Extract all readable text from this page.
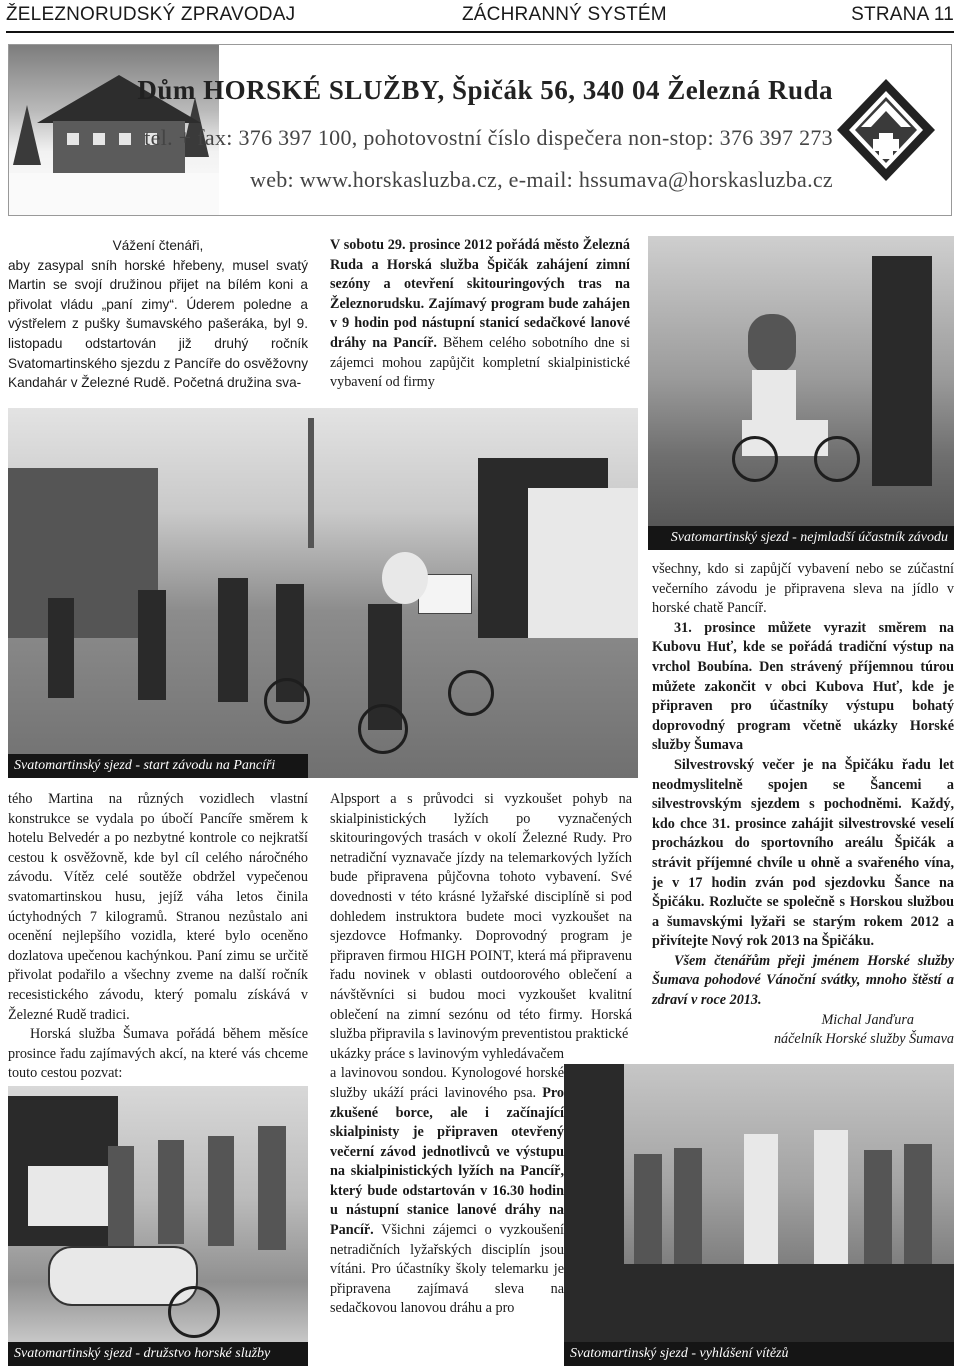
ŽELEZNORUDSKÝ ZPRAVODAJ	ZÁCHRANNÝ SYSTÉM	STRANA 11
Dům HORSKÉ SLUŽBY, Špičák 56, 340 04 Železná Ruda
tel. + fax: 376 397 100, pohotovostní číslo dispečera non-stop: 376 397 273
web: www.horskasluzba.cz, e-mail: hssumava@horskasluzba.cz

Vážení čtenáři,

aby zasypal sníh horské hřebeny, musel svatý Martin se svojí družinou přijet na bílém koni a přivolat vládu „paní zimy“. Úderem poledne a výstřelem z pušky šumavského pašeráka, byl 9. listopadu odstartován již druhý ročník Svatomartinského sjezdu z Pancíře do osvěžovny Kandahár v Železné Rudě. Početná družina sva-

V sobotu 29. prosince 2012 pořádá město Železná Ruda a Horská služba Špičák zahájení zimní sezóny a otevření skitouringových tras na Železnorudsku. Zajímavý program bude zahájen v 9 hodin pod nástupní stanicí sedačkové lanové dráhy na Pancíř. Během celého sobotního dne si zájemci mohou zapůjčit kompletní skialpinistické vybavení od firmy

Svatomartinský sjezd - nejmladší účastník závodu
Svatomartinský sjezd - start závodu na Pancíři

všechny, kdo si zapůjčí vybavení nebo se zúčastní večerního závodu je připravena sleva na jídlo v horské chatě Pancíř.

31. prosince můžete vyrazit směrem na Kubovu Huť, kde se pořádá tradiční výstup na vrchol Boubína. Den strávený příjemnou túrou můžete zakončit v obci Kubova Huť, kde je připraven pro účastníky výstupu bohatý doprovodný program včetně ukázky Horské služby Šumava

Silvestrovský večer je na Špičáku řadu let neodmyslitelně spojen se Šancemi a silvestrovským sjezdem s pochodněmi. Každý, kdo chce 31. prosince zahájit silvestrovské veselí procházkou do sportovního areálu Špičák a strávit příjemné chvíle u ohně a svařeného vína, je v 17 hodin zván pod sjezdovku Šance na Špičáku. Rozlučte se společně s Horskou službou a šumavskými lyžaři se starým rokem 2012 a přivítejte Nový rok 2013 na Špičáku.

Všem čtenářům přeji jménem Horské služby Šumava pohodové Vánoční svátky, mnoho štěstí a zdraví v roce 2013.

Michal Janďura

náčelník Horské služby Šumava

tého Martina na různých vozidlech vlastní konstrukce se vydala po úbočí Pancíře směrem k hotelu Belvedér a po nezbytné kontrole co nejkratší cestou k osvěžovně, kde byl cíl celého náročného závodu. Vítěz celé soutěže obdržel vypečenou svatomartinskou husu, jejíž váha letos činila úctyhodných 7 kilogramů. Stranou nezůstalo ani ocenění nejlepšího vozidla, které bylo oceněno dozlatova upečenou kachýnkou. Paní zimu se určitě přivolat podařilo a všechny zveme na další ročník recesistického závodu, který pomalu získává v Železné Rudě tradici.

Horská služba Šumava pořádá během měsíce prosince řadu zajímavých akcí, na které vás chceme touto cestou pozvat:

Alpsport a s průvodci si vyzkoušet pohyb na skialpinistických lyžích po vyznačených skitouringových trasách v okolí Železné Rudy. Pro netradiční vyznavače jízdy na telemarkových lyžích bude připravena půjčovna tohoto vybavení. Své dovednosti v této krásné lyžařské disciplíně si pod dohledem instruktora budete moci vyzkoušet na sjezdovce Hofmanky. Doprovodný program je připraven firmou HIGH POINT, která má připravenu řadu novinek v oblasti outdoorového oblečení a návštěvníci si budou moci vyzkoušet kvalitní oblečení na zimní sezónu od této firmy. Horská služba připravila s lavinovým preventistou praktické

ukázky práce s lavinovým vyhledávačem a lavinovou sondou. Kynologové horské služby ukáží práci lavinového psa. Pro zkušené borce, ale i začínající skialpinisty je připraven otevřený večerní závod jednotlivců ve výstupu na skialpinistických lyžích na Pancíř, který bude odstartován v 16.30 hodin u nástupní stanice lanové dráhy na Pancíř. Všichni zájemci o vyzkoušení netradičních lyžařských disciplín jsou vítáni. Pro účastníky školy telemarku je připravena zajímavá sleva na sedačkovou lanovou dráhu a pro

Svatomartinský sjezd - družstvo horské služby	Svatomartinský sjezd - vyhlášení vítězů
